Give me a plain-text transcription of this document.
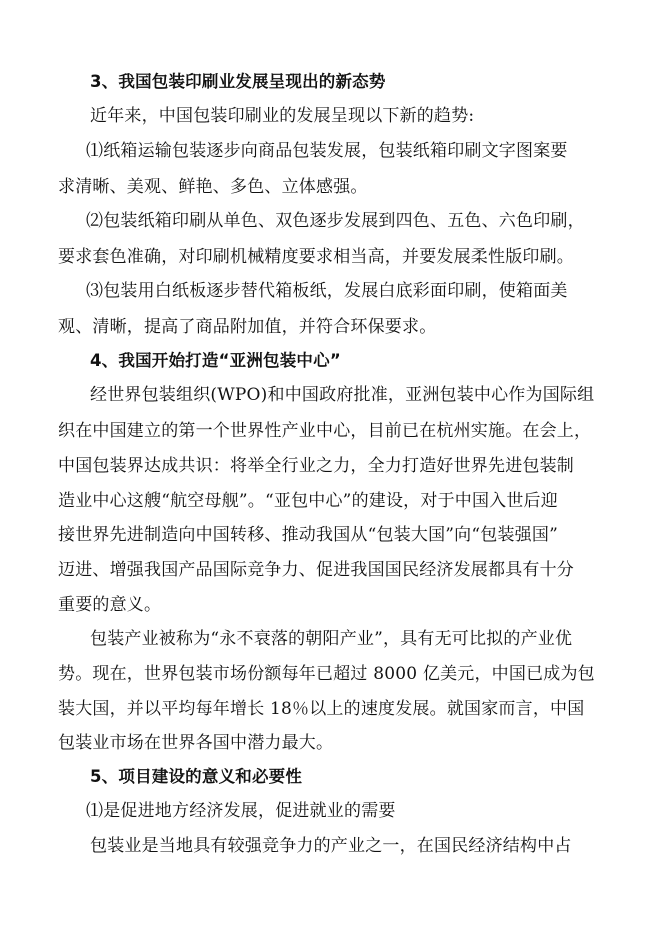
3、我国包装印刷业发展呈现出的新态势
近年来，中国包装印刷业的发展呈现以下新的趋势:
⑴纸箱运输包装逐步向商品包装发展，包装纸箱印刷文字图案要
求清晰、美观、鲜艳、多色、立体感强。
⑵包装纸箱印刷从单色、双色逐步发展到四色、五色、六色印刷，
要求套色准确，对印刷机械精度要求相当高，并要发展柔性版印刷。
⑶包装用白纸板逐步替代箱板纸，发展白底彩面印刷，使箱面美
观、清晰，提高了商品附加值，并符合环保要求。
4、我国开始打造“亚洲包装中心”
经世界包装组织(WPO)和中国政府批准，亚洲包装中心作为国际组
织在中国建立的第一个世界性产业中心，目前已在杭州实施。在会上，
中国包装界达成共识：将举全行业之力，全力打造好世界先进包装制
造业中心这艘“航空母舰”。“亚包中心”的建设，对于中国入世后迎
接世界先进制造向中国转移、推动我国从“包装大国”向“包装强国”
迈进、增强我国产品国际竞争力、促进我国国民经济发展都具有十分
重要的意义。
包装产业被称为“永不衰落的朝阳产业”，具有无可比拟的产业优
势。现在，世界包装市场份额每年已超过 8000 亿美元，中国已成为包
装大国，并以平均每年增长 18％以上的速度发展。就国家而言，中国
包装业市场在世界各国中潜力最大。
5、项目建设的意义和必要性
⑴是促进地方经济发展，促进就业的需要
包装业是当地具有较强竞争力的产业之一，在国民经济结构中占
